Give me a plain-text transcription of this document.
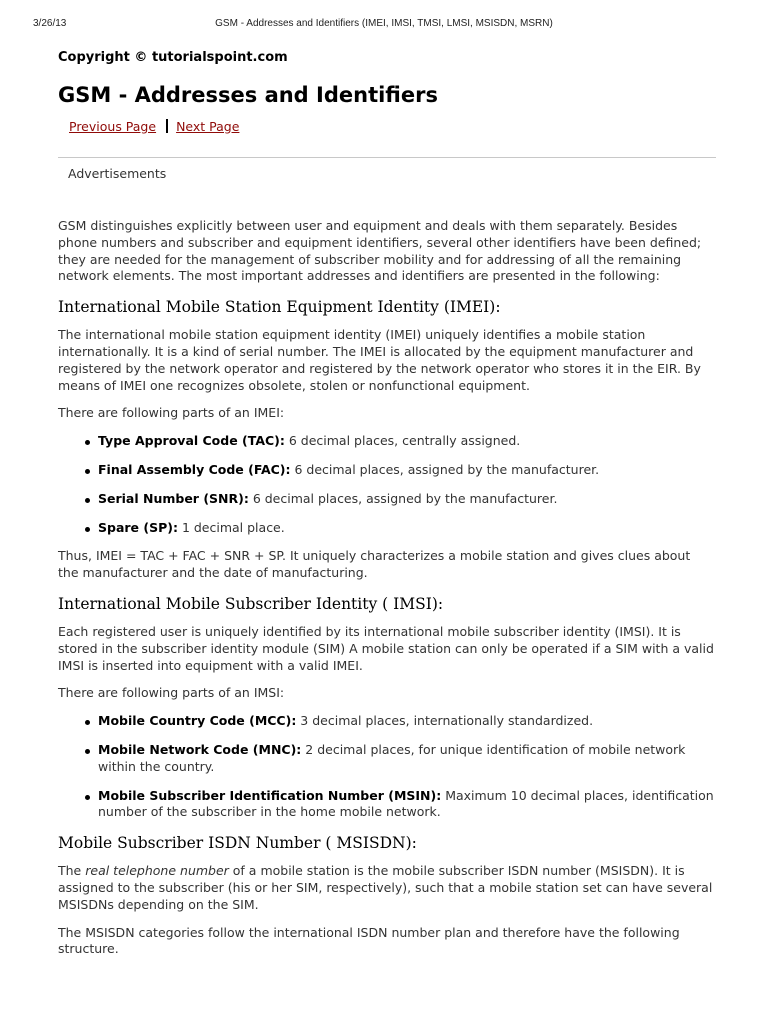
3/26/13	GSM - Addresses and Identifiers (IMEI, IMSI, TMSI, LMSI, MSISDN, MSRN)

Copyright © tutorialspoint.com

GSM - Addresses and Identifiers
Previous Page Next Page
Advertisements

GSM distinguishes explicitly between user and equipment and deals with them separately. Besides phone numbers and subscriber and equipment identifiers, several other identifiers have been defined; they are needed for the management of subscriber mobility and for addressing of all the remaining network elements. The most important addresses and identifiers are presented in the following:

International Mobile Station Equipment Identity (IMEI):

The international mobile station equipment identity (IMEI) uniquely identifies a mobile station internationally. It is a kind of serial number. The IMEI is allocated by the equipment manufacturer and registered by the network operator and registered by the network operator who stores it in the EIR. By means of IMEI one recognizes obsolete, stolen or nonfunctional equipment.

There are following parts of an IMEI:

Type Approval Code (TAC): 6 decimal places, centrally assigned.
Final Assembly Code (FAC): 6 decimal places, assigned by the manufacturer.
Serial Number (SNR): 6 decimal places, assigned by the manufacturer.
Spare (SP): 1 decimal place.

Thus, IMEI = TAC + FAC + SNR + SP. It uniquely characterizes a mobile station and gives clues about the manufacturer and the date of manufacturing.

International Mobile Subscriber Identity ( IMSI):

Each registered user is uniquely identified by its international mobile subscriber identity (IMSI). It is stored in the subscriber identity module (SIM) A mobile station can only be operated if a SIM with a valid IMSI is inserted into equipment with a valid IMEI.

There are following parts of an IMSI:

Mobile Country Code (MCC): 3 decimal places, internationally standardized.
Mobile Network Code (MNC): 2 decimal places, for unique identification of mobile network within the country.
Mobile Subscriber Identification Number (MSIN): Maximum 10 decimal places, identification number of the subscriber in the home mobile network.
Mobile Subscriber ISDN Number ( MSISDN):

The real telephone number of a mobile station is the mobile subscriber ISDN number (MSISDN). It is assigned to the subscriber (his or her SIM, respectively), such that a mobile station set can have several MSISDNs depending on the SIM.

The MSISDN categories follow the international ISDN number plan and therefore have the following structure.
